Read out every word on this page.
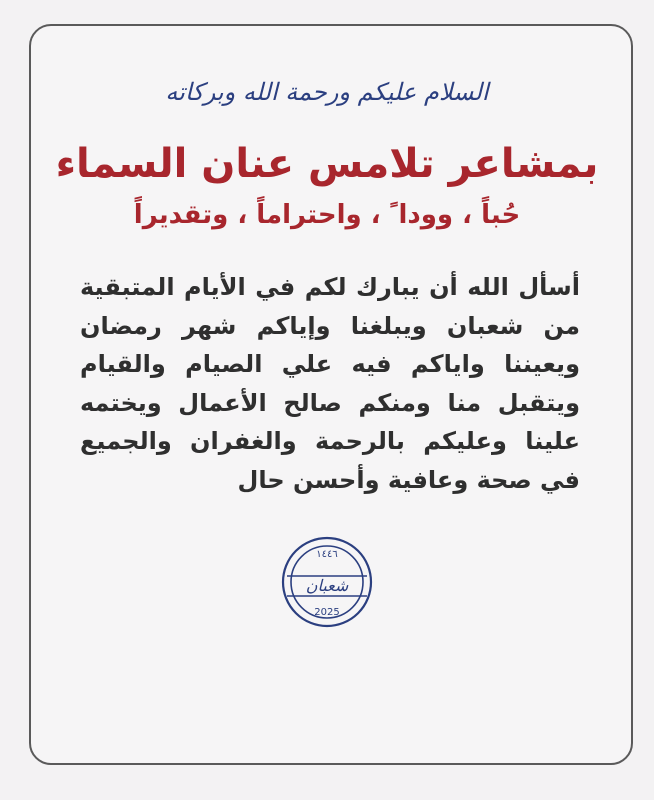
السلام عليكم ورحمة الله وبركاته
بمشاعر تلامس عنان السماء
حُباً ، وودا ً ، واحتراماً ، وتقديراً
أسأل الله أن يبارك لكم في الأيام المتبقية
من شعبان ويبلغنا وإياكم شهر رمضان
ويعيننا واياكم فيه علي الصيام والقيام
ويتقبل منا ومنكم صالح الأعمال ويختمه
علينا وعليكم بالرحمة والغفران والجميع
في صحة وعافية وأحسن حال
١٤٤٦
شعبان
2025
